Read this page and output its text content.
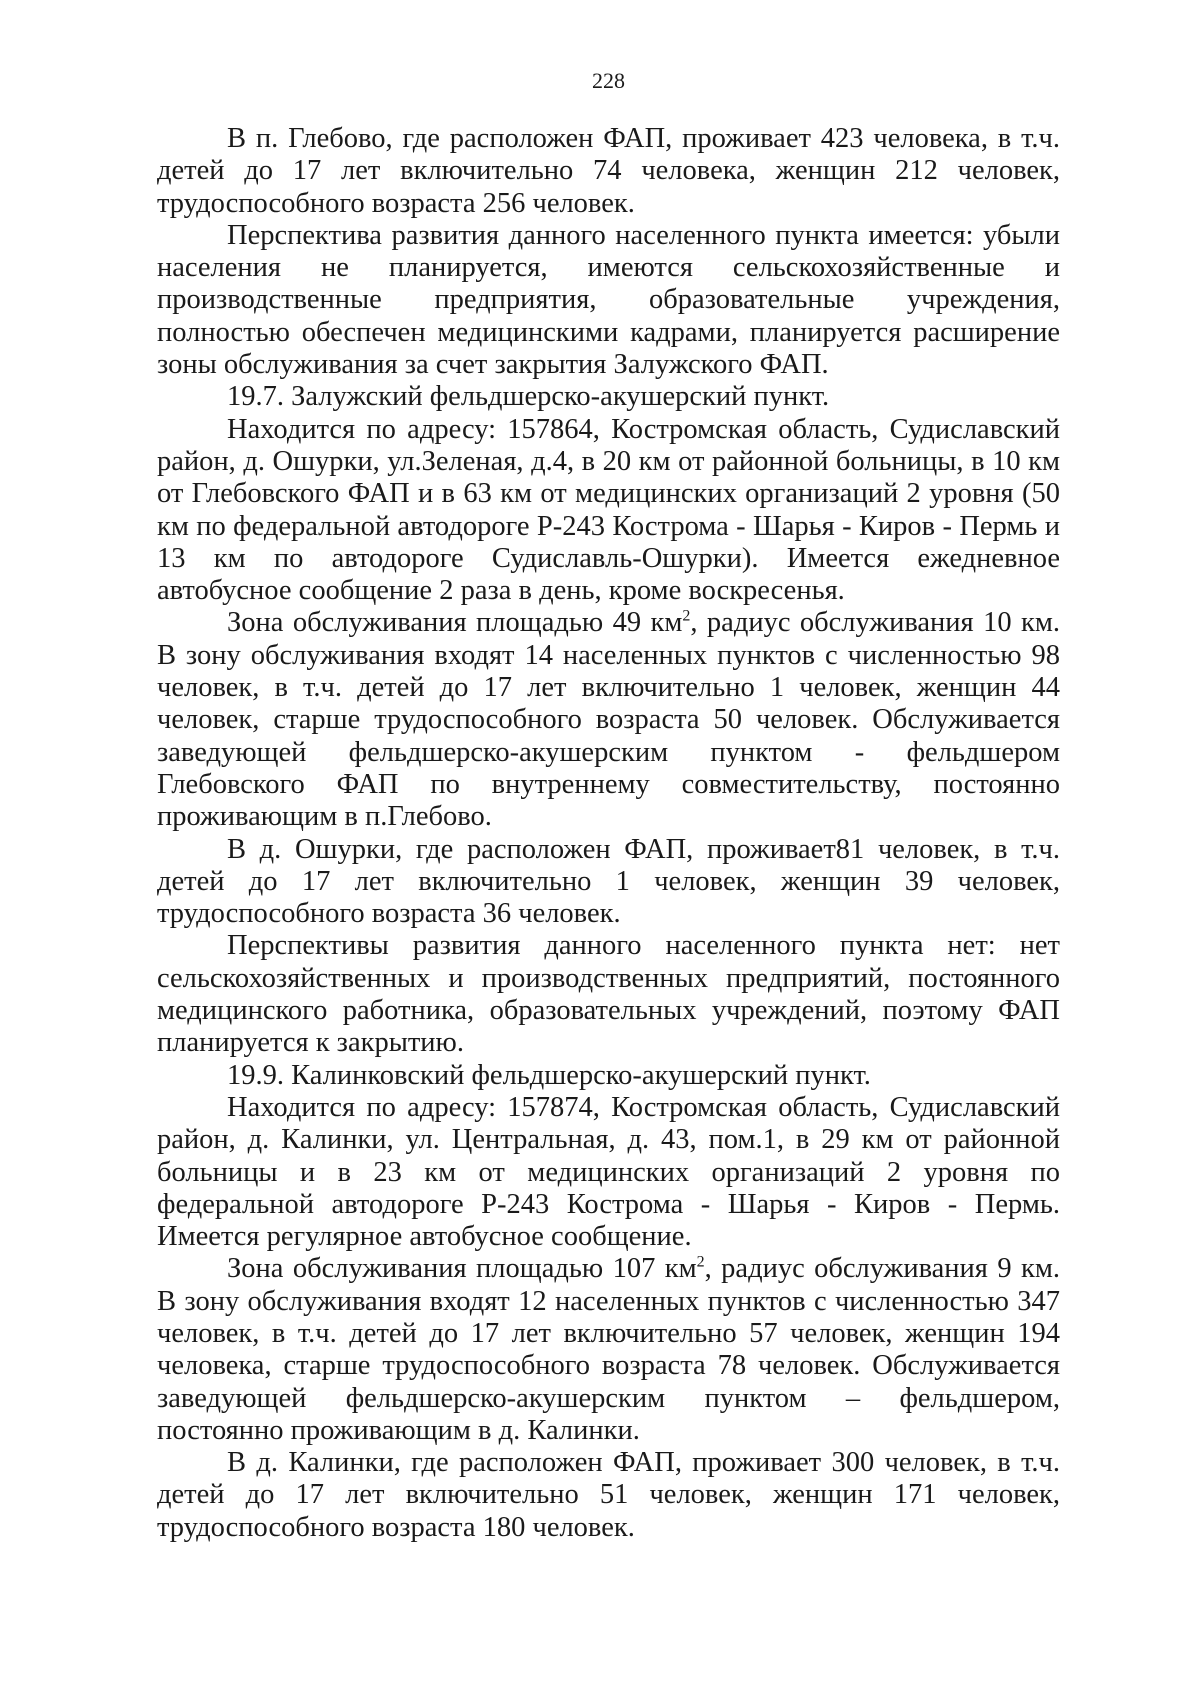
228

В п. Глебово, где расположен ФАП, проживает 423 человека, в т.ч. детей до 17 лет включительно 74 человека, женщин 212 человек, трудоспособного возраста 256 человек.

Перспектива развития данного населенного пункта имеется: убыли населения не планируется, имеются сельскохозяйственные и производственные предприятия, образовательные учреждения, полностью обеспечен медицинскими кадрами, планируется расширение зоны обслуживания за счет закрытия Залужского ФАП.

19.7. Залужский фельдшерско-акушерский пункт.

Находится по адресу: 157864, Костромская область, Судиславский район, д. Ошурки, ул.Зеленая, д.4, в 20 км от районной больницы, в 10 км от Глебовского ФАП и в 63 км от медицинских организаций 2 уровня (50 км по федеральной автодороге Р-243 Кострома - Шарья - Киров - Пермь и 13 км по автодороге Судиславль-Ошурки). Имеется ежедневное автобусное сообщение 2 раза в день, кроме воскресенья.

Зона обслуживания площадью 49 $км^2$, радиус обслуживания 10 км. В зону обслуживания входят 14 населенных пунктов с численностью 98 человек, в т.ч. детей до 17 лет включительно 1 человек, женщин 44 человек, старше трудоспособного возраста 50 человек. Обслуживается заведующей фельдшерско-акушерским пунктом - фельдшером Глебовского ФАП по внутреннему совместительству, постоянно проживающим в п.Глебово.

В д. Ошурки, где расположен ФАП, проживает81 человек, в т.ч. детей до 17 лет включительно 1 человек, женщин 39 человек, трудоспособного возраста 36 человек.

Перспективы развития данного населенного пункта нет: нет сельскохозяйственных и производственных предприятий, постоянного медицинского работника, образовательных учреждений, поэтому ФАП планируется к закрытию.

19.9. Калинковский фельдшерско-акушерский пункт.

Находится по адресу: 157874, Костромская область, Судиславский район, д. Калинки, ул. Центральная, д. 43, пом.1, в 29 км от районной больницы и в 23 км от медицинских организаций 2 уровня по федеральной автодороге Р-243 Кострома - Шарья - Киров - Пермь. Имеется регулярное автобусное сообщение.

Зона обслуживания площадью 107 $км^2$, радиус обслуживания 9 км. В зону обслуживания входят 12 населенных пунктов с численностью 347 человек, в т.ч. детей до 17 лет включительно 57 человек, женщин 194 человека, старше трудоспособного возраста 78 человек. Обслуживается заведующей фельдшерско-акушерским пунктом – фельдшером, постоянно проживающим в д. Калинки.

В д. Калинки, где расположен ФАП, проживает 300 человек, в т.ч. детей до 17 лет включительно 51 человек, женщин 171 человек, трудоспособного возраста 180 человек.
